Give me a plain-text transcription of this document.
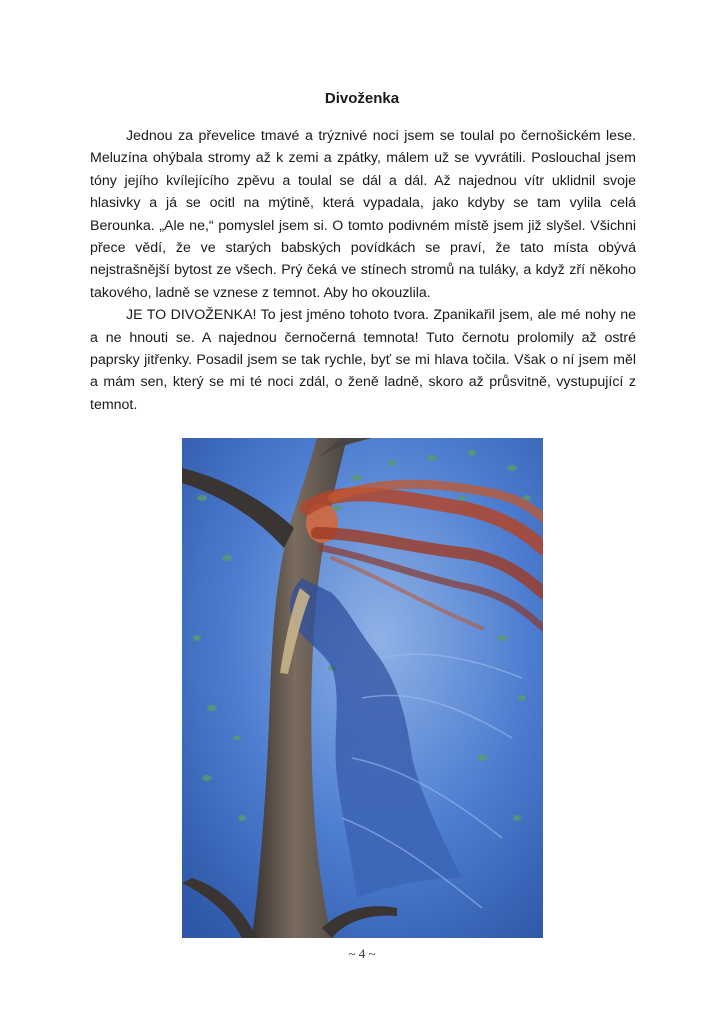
Divoženka

Jednou za převelice tmavé a trýznivé noci jsem se toulal po černošickém lese. Meluzína ohýbala stromy až k zemi a zpátky, málem už se vyvrátili. Poslouchal jsem tóny jejího kvílejícího zpěvu a toulal se dál a dál. Až najednou vítr uklidnil svoje hlasivky a já se ocitl na mýtině, která vypadala, jako kdyby se tam vylila celá Berounka. „Ale ne,“ pomyslel jsem si. O tomto podivném místě jsem již slyšel. Všichni přece vědí, že ve starých babských povídkách se praví, že tato místa obývá nejstrašnější bytost ze všech. Prý čeká ve stínech stromů na tuláky, a když zří někoho takového, ladně se vznese z temnot. Aby ho okouzlila.

JE TO DIVOŽENKA! To jest jméno tohoto tvora. Zpanikařil jsem, ale mé nohy ne a ne hnouti se. A najednou černočerná temnota! Tuto černotu prolomily až ostré paprsky jitřenky. Posadil jsem se tak rychle, byť se mi hlava točila. Však o ní jsem měl a mám sen, který se mi té noci zdál, o ženě ladně, skoro až průsvitně, vystupující z temnot.

~ 4 ~
